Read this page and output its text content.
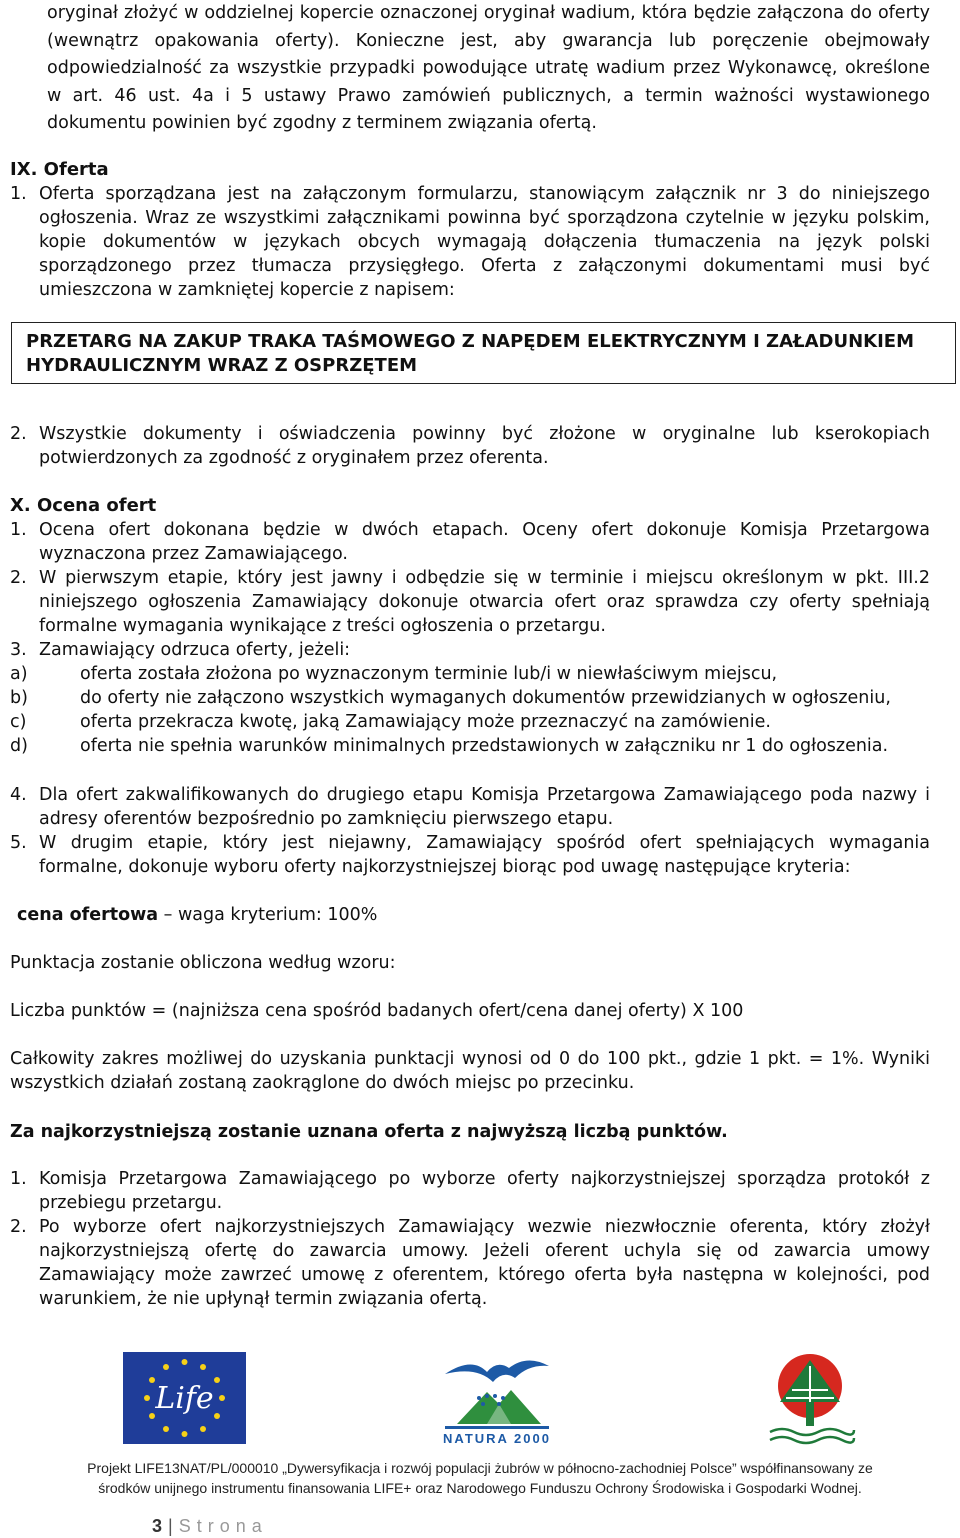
oryginał złożyć w oddzielnej kopercie oznaczonej oryginał wadium, która będzie załączona do oferty (wewnątrz opakowania oferty). Konieczne jest, aby gwarancja lub poręczenie obejmowały odpowiedzialność za wszystkie przypadki powodujące utratę wadium przez Wykonawcę, określone w art. 46 ust. 4a i 5 ustawy Prawo zamówień publicznych, a termin ważności wystawionego dokumentu powinien być zgodny z terminem związania ofertą.

IX. Oferta
1. Oferta sporządzana jest na załączonym formularzu, stanowiącym załącznik nr 3 do niniejszego ogłoszenia. Wraz ze wszystkimi załącznikami powinna być sporządzona czytelnie w języku polskim, kopie dokumentów w językach obcych wymagają dołączenia tłumaczenia na język polski sporządzonego przez tłumacza przysięgłego. Oferta z załączonymi dokumentami musi być umieszczona w zamkniętej kopercie z napisem:
PRZETARG NA ZAKUP TRAKA TAŚMOWEGO Z NAPĘDEM ELEKTRYCZNYM I ZAŁADUNKIEM HYDRAULICZNYM WRAZ Z OSPRZĘTEM
2. Wszystkie dokumenty i oświadczenia powinny być złożone w oryginalne lub kserokopiach potwierdzonych za zgodność z oryginałem przez oferenta.
X. Ocena ofert
1. Ocena ofert dokonana będzie w dwóch etapach. Oceny ofert dokonuje Komisja Przetargowa wyznaczona przez Zamawiającego.
2. W pierwszym etapie, który jest jawny i odbędzie się w terminie i miejscu określonym w pkt. III.2 niniejszego ogłoszenia Zamawiający dokonuje otwarcia ofert oraz sprawdza czy oferty spełniają formalne wymagania wynikające z treści ogłoszenia o przetargu.
3. Zamawiający odrzuca oferty, jeżeli:
a)	oferta została złożona po wyznaczonym terminie lub/i w niewłaściwym miejscu,
b)	do oferty nie załączono wszystkich wymaganych dokumentów przewidzianych w ogłoszeniu,
c)	oferta przekracza kwotę, jaką Zamawiający może przeznaczyć na zamówienie.
d)	oferta nie spełnia warunków minimalnych przedstawionych w załączniku nr 1 do ogłoszenia.
4. Dla ofert zakwalifikowanych do drugiego etapu Komisja Przetargowa Zamawiającego poda nazwy i adresy oferentów bezpośrednio po zamknięciu pierwszego etapu.
5. W drugim etapie, który jest niejawny, Zamawiający spośród ofert spełniających wymagania formalne, dokonuje wyboru oferty najkorzystniejszej biorąc pod uwagę następujące kryteria:
cena ofertowa – waga kryterium: 100%
Punktacja zostanie obliczona według wzoru:
Liczba punktów = (najniższa cena spośród badanych ofert/cena danej oferty) X 100
Całkowity zakres możliwej do uzyskania punktacji wynosi od 0 do 100 pkt., gdzie 1 pkt. = 1%. Wyniki wszystkich działań zostaną zaokrąglone do dwóch miejsc po przecinku.
Za najkorzystniejszą zostanie uznana oferta z najwyższą liczbą punktów.
1. Komisja Przetargowa Zamawiającego po wyborze oferty najkorzystniejszej sporządza protokół z przebiegu przetargu.
2. Po wyborze ofert najkorzystniejszych Zamawiający wezwie niezwłocznie oferenta, który złożył najkorzystniejszą ofertę do zawarcia umowy. Jeżeli oferent uchyla się od zawarcia umowy Zamawiający może zawrzeć umowę z oferentem, którego oferta była następna w kolejności, pod warunkiem, że nie upłynął termin związania ofertą.
Life
NATURA 2000
Projekt LIFE13NAT/PL/000010 „Dywersyfikacja i rozwój populacji żubrów w północno-zachodniej Polsce” współfinansowany ze
środków unijnego instrumentu finansowania LIFE+ oraz Narodowego Funduszu Ochrony Środowiska i Gospodarki Wodnej.
3 | Strona
